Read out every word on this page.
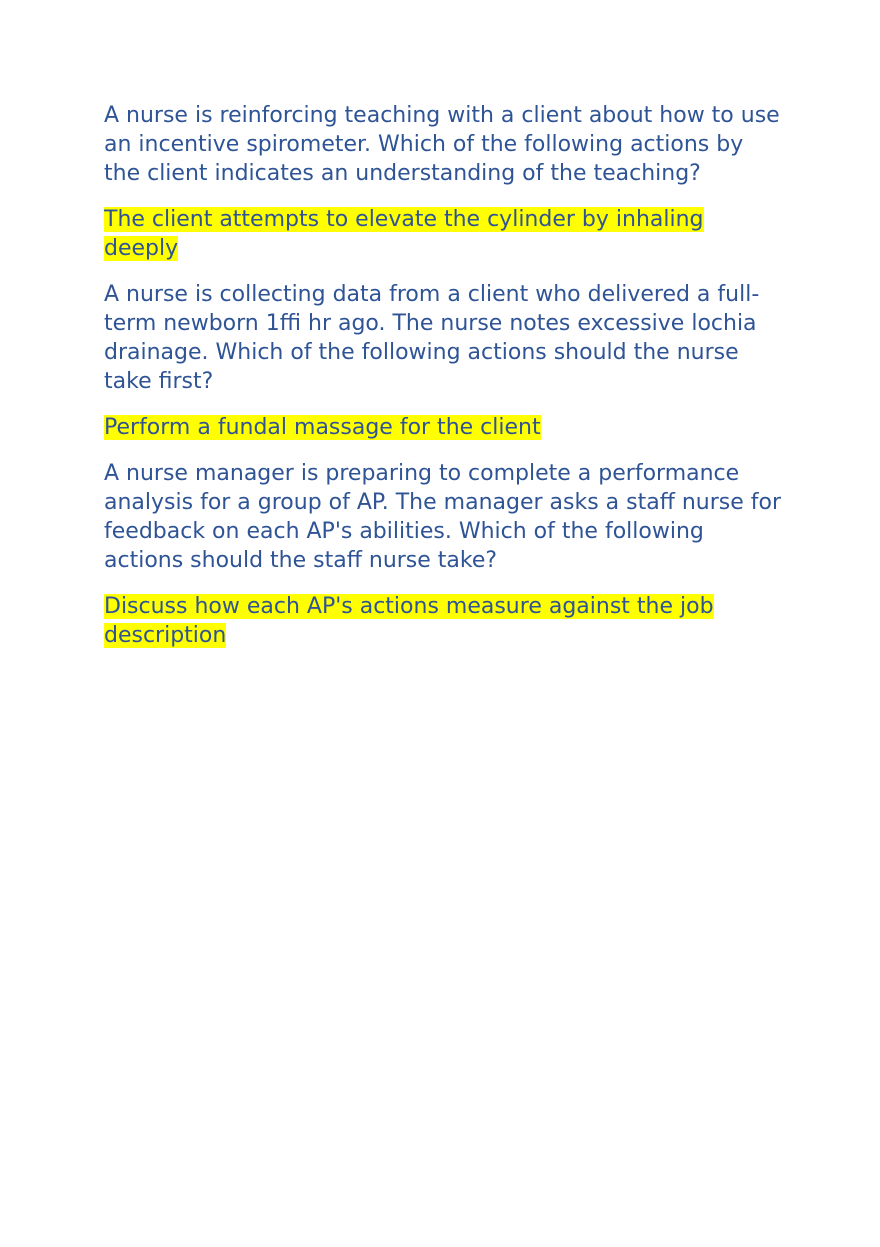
A nurse is reinforcing teaching with a client about how to use an incentive spirometer. Which of the following actions by the client indicates an understanding of the teaching?

The client attempts to elevate the cylinder by inhaling deeply

A nurse is collecting data from a client who delivered a full-term newborn 1ffi hr ago. The nurse notes excessive lochia drainage. Which of the following actions should the nurse take first?

Perform a fundal massage for the client

A nurse manager is preparing to complete a performance analysis for a group of AP. The manager asks a staff nurse for feedback on each AP's abilities. Which of the following actions should the staff nurse take?

Discuss how each AP's actions measure against the job description
